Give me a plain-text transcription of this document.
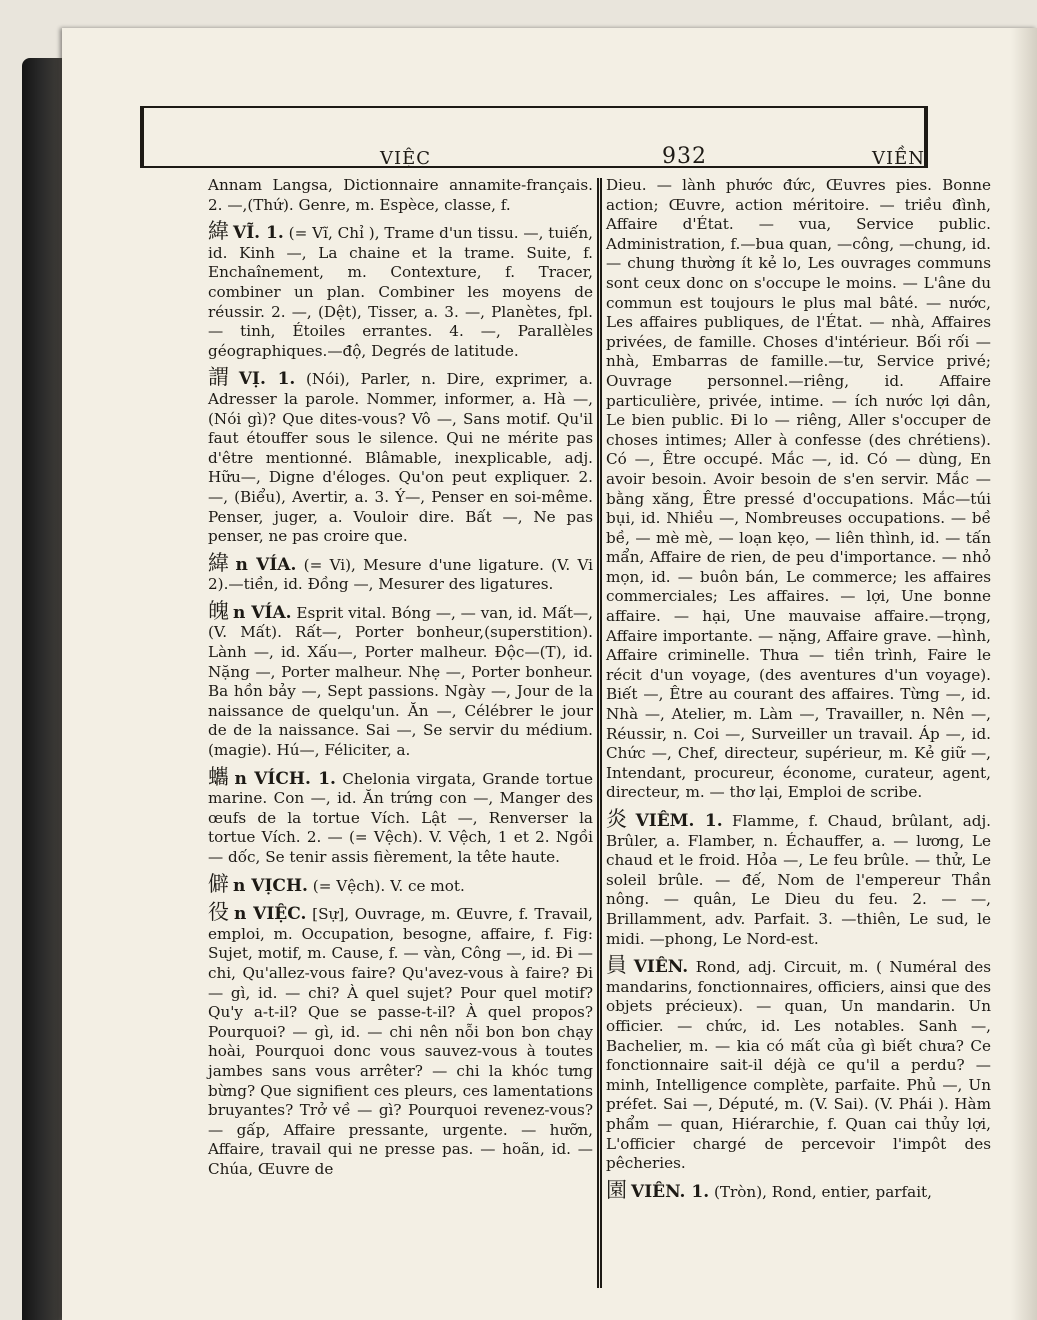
VIỆC	932	VIỀN

Annam Langsa, Dictionnaire annamite-français. 2. —,(Thứ). Genre, m. Espèce, classe, f.

緯 VĨ. 1. (= Vĩ, Chỉ ), Trame d'un tissu. —, tuiến, id. Kinh —, La chaine et la trame. Suite, f. Enchaînement, m. Contexture, f. Tracer, combiner un plan. Combiner les moyens de réussir. 2. —, (Dệt), Tisser, a. 3. —, Planètes, fpl. — tinh, Étoiles errantes. 4. —, Parallèles géographiques.—độ, Degrés de latitude.

謂 VỊ. 1. (Nói), Parler, n. Dire, exprimer, a. Adresser la parole. Nommer, informer, a. Hà —, (Nói gì)? Que dites-vous? Vô —, Sans motif. Qu'il faut étouffer sous le silence. Qui ne mérite pas d'être mentionné. Blâmable, inexplicable, adj. Hữu—, Digne d'éloges. Qu'on peut expliquer. 2. —, (Biểu), Avertir, a. 3. Ý—, Penser en soi-même. Penser, juger, a. Vouloir dire. Bất —, Ne pas penser, ne pas croire que.

緯 n VÍA. (= Vi), Mesure d'une ligature. (V. Vi 2).—tiền, id. Đồng —, Mesurer des ligatures.

魄 n VÍA. Esprit vital. Bóng —, — van, id. Mất—, (V. Mất). Rất—, Porter bonheur,(superstition). Lành —, id. Xấu—, Porter malheur. Độc—(T), id. Nặng —, Porter malheur. Nhẹ —, Porter bonheur. Ba hồn bảy —, Sept passions. Ngày —, Jour de la naissance de quelqu'un. Ăn —, Célébrer le jour de de la naissance. Sai —, Se servir du médium. (magie). Hú—, Féliciter, a.

蠵 n VÍCH. 1. Chelonia virgata, Grande tortue marine. Con —, id. Ăn trứng con —, Manger des œufs de la tortue Vích. Lật —, Renverser la tortue Vích. 2. — (= Vệch). V. Vệch, 1 et 2. Ngồi — dốc, Se tenir assis fièrement, la tête haute.

僻 n VỊCH. (= Vệch). V. ce mot.

役 n VIỆC. [Sự], Ouvrage, m. Œuvre, f. Travail, emploi, m. Occupation, besogne, affaire, f. Fig: Sujet, motif, m. Cause, f. — vàn, Công —, id. Đi — chi, Qu'allez-vous faire? Qu'avez-vous à faire? Đi — gì, id. — chi? À quel sujet? Pour quel motif? Qu'y a-t-il? Que se passe-t-il? À quel propos? Pourquoi? — gì, id. — chi nên nỗi bon bon chạy hoài, Pourquoi donc vous sauvez-vous à toutes jambes sans vous arrêter? — chi la khóc tưng bừng? Que signifient ces pleurs, ces lamentations bruyantes? Trở về — gì? Pourquoi revenez-vous? — gấp, Affaire pressante, urgente. — hưỡn, Affaire, travail qui ne presse pas. — hoãn, id. — Chúa, Œuvre de

Dieu. — lành phước đức, Œuvres pies. Bonne action; Œuvre, action méritoire. — triều đình, Affaire d'État. — vua, Service public. Administration, f.—bua quan, —công, —chung, id. — chung thường ít kẻ lo, Les ouvrages communs sont ceux donc on s'occupe le moins. — L'âne du commun est toujours le plus mal bâté. — nước, Les affaires publiques, de l'État. — nhà, Affaires privées, de famille. Choses d'intérieur. Bối rối — nhà, Embarras de famille.—tư, Service privé; Ouvrage personnel.—riêng, id. Affaire particulière, privée, intime. — ích nước lợi dân, Le bien public. Đi lo — riêng, Aller s'occuper de choses intimes; Aller à confesse (des chrétiens). Có —, Être occupé. Mắc —, id. Có — dùng, En avoir besoin. Avoir besoin de s'en servir. Mắc — bằng xăng, Être pressé d'occupations. Mắc—túi bụi, id. Nhiều —, Nombreuses occupations. — bề bề, — mè mè, — loạn kẹo, — liên thình, id. — tấn mẩn, Affaire de rien, de peu d'importance. — nhỏ mọn, id. — buôn bán, Le commerce; les affaires commerciales; Les affaires. — lợi, Une bonne affaire. — hại, Une mauvaise affaire.—trọng, Affaire importante. — nặng, Affaire grave. —hình, Affaire criminelle. Thưa — tiền trình, Faire le récit d'un voyage, (des aventures d'un voyage). Biết —, Être au courant des affaires. Từng —, id. Nhà —, Atelier, m. Làm —, Travailler, n. Nên —, Réussir, n. Coi —, Surveiller un travail. Áp —, id. Chức —, Chef, directeur, supérieur, m. Kẻ giữ —, Intendant, procureur, économe, curateur, agent, directeur, m. — thơ lại, Emploi de scribe.

炎 VIÊM. 1. Flamme, f. Chaud, brûlant, adj. Brûler, a. Flamber, n. Échauffer, a. — lương, Le chaud et le froid. Hỏa —, Le feu brûle. — thử, Le soleil brûle. — đế, Nom de l'empereur Thần nông. — quân, Le Dieu du feu. 2. — —, Brillamment, adv. Parfait. 3. —thiên, Le sud, le midi. —phong, Le Nord-est.

員 VIÊN. Rond, adj. Circuit, m. ( Numéral des mandarins, fonctionnaires, officiers, ainsi que des objets précieux). — quan, Un mandarin. Un officier. — chức, id. Les notables. Sanh —, Bachelier, m. — kia có mất của gì biết chưa? Ce fonctionnaire sait-il déjà ce qu'il a perdu? — minh, Intelligence complète, parfaite. Phủ —, Un préfet. Sai —, Député, m. (V. Sai). (V. Phái ). Hàm phẩm — quan, Hiérarchie, f. Quan cai thủy lợi, L'officier chargé de percevoir l'impôt des pêcheries.

園 VIÊN. 1. (Tròn), Rond, entier, parfait,
